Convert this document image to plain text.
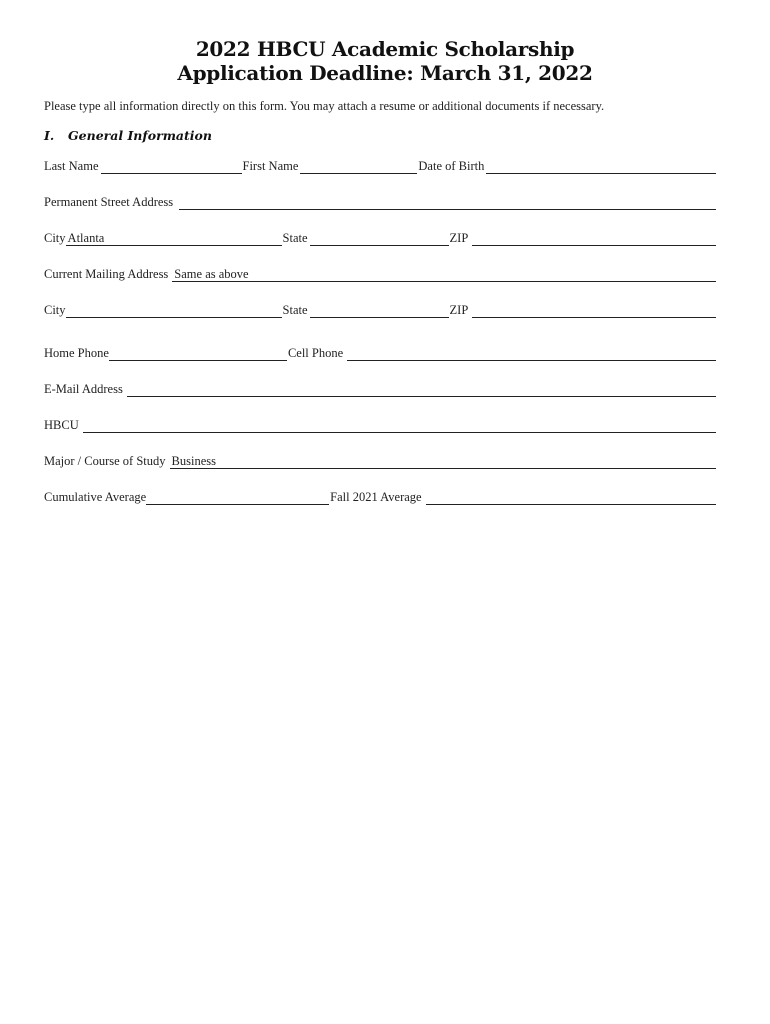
2022 HBCU Academic Scholarship
Application Deadline: March 31, 2022
Please type all information directly on this form. You may attach a resume or additional documents if necessary.
I. General Information
Last Name	First Name	Date of Birth
Permanent Street Address
City Atlanta	State	ZIP
Current Mailing Address Same as above
City	State	ZIP
Home Phone	Cell Phone
E-Mail Address
HBCU
Major / Course of Study Business
Cumulative Average	Fall 2021 Average
